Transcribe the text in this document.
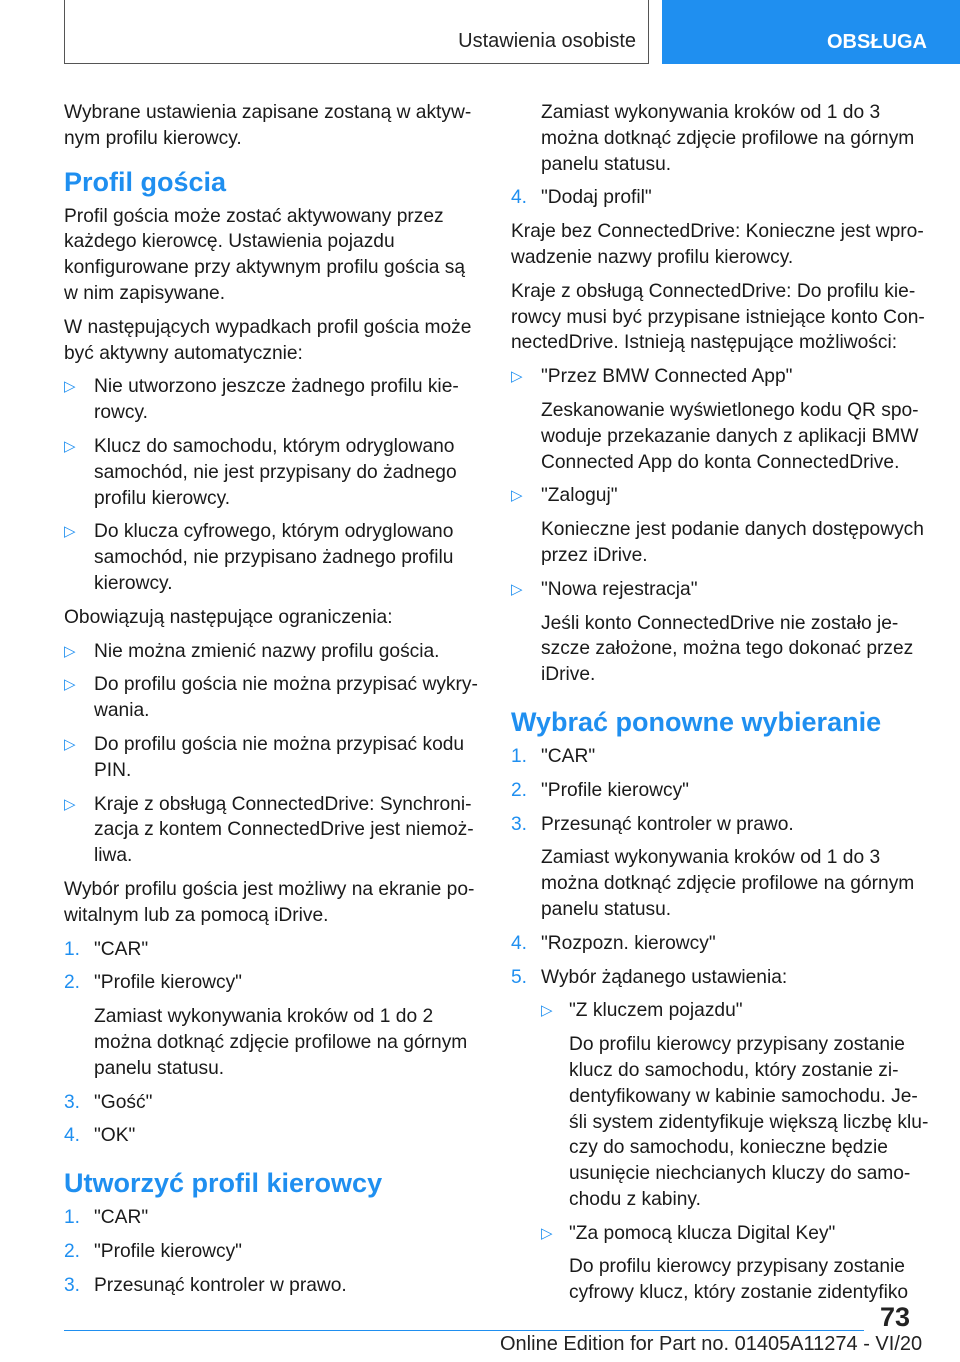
Ustawienia osobiste	OBSŁUGA

Wybrane ustawienia zapisane zostaną w aktywnym profilu kierowcy.

Profil gościa

Profil gościa może zostać aktywowany przez każdego kierowcę. Ustawienia pojazdu konfigurowane przy aktywnym profilu gościa są w nim zapisywane.

W następujących wypadkach profil gościa może być aktywny automatycznie:

▷ Nie utworzono jeszcze żadnego profilu kierowcy.
▷ Klucz do samochodu, którym odryglowano samochód, nie jest przypisany do żadnego profilu kierowcy.
▷ Do klucza cyfrowego, którym odryglowano samochód, nie przypisano żadnego profilu kierowcy.

Obowiązują następujące ograniczenia:

▷ Nie można zmienić nazwy profilu gościa.
▷ Do profilu gościa nie można przypisać wykrywania.
▷ Do profilu gościa nie można przypisać kodu PIN.
▷ Kraje z obsługą ConnectedDrive: Synchronizacja z kontem ConnectedDrive jest niemożliwa.

Wybór profilu gościa jest możliwy na ekranie powitalnym lub za pomocą iDrive.

1. "CAR"
2. "Profile kierowcy"
Zamiast wykonywania kroków od 1 do 2 można dotknąć zdjęcie profilowe na górnym panelu statusu.
3. "Gość"
4. "OK"
Utworzyć profil kierowcy
1. "CAR"
2. "Profile kierowcy"
3. Przesunąć kontroler w prawo.
Zamiast wykonywania kroków od 1 do 3 można dotknąć zdjęcie profilowe na górnym panelu statusu.
4. "Dodaj profil"

Kraje bez ConnectedDrive: Konieczne jest wprowadzenie nazwy profilu kierowcy.

Kraje z obsługą ConnectedDrive: Do profilu kierowcy musi być przypisane istniejące konto ConnectedDrive. Istnieją następujące możliwości:

▷ "Przez BMW Connected App"
Zeskanowanie wyświetlonego kodu QR spowoduje przekazanie danych z aplikacji BMW Connected App do konta ConnectedDrive.
▷ "Zaloguj"
Konieczne jest podanie danych dostępowych przez iDrive.
▷ "Nowa rejestracja"
Jeśli konto ConnectedDrive nie zostało jeszcze założone, można tego dokonać przez iDrive.
Wybrać ponowne wybieranie
1. "CAR"
2. "Profile kierowcy"
3. Przesunąć kontroler w prawo.
Zamiast wykonywania kroków od 1 do 3 można dotknąć zdjęcie profilowe na górnym panelu statusu.
4. "Rozpozn. kierowcy"
5. Wybór żądanego ustawienia:
▷ "Z kluczem pojazdu"
Do profilu kierowcy przypisany zostanie klucz do samochodu, który zostanie zidentyfikowany w kabinie samochodu. Jeśli system zidentyfikuje większą liczbę kluczy do samochodu, konieczne będzie usunięcie niechcianych kluczy do samochodu z kabiny.
▷ "Za pomocą klucza Digital Key"
Do profilu kierowcy przypisany zostanie cyfrowy klucz, który zostanie zidentyfiko
73
Online Edition for Part no. 01405A11274 - VI/20
